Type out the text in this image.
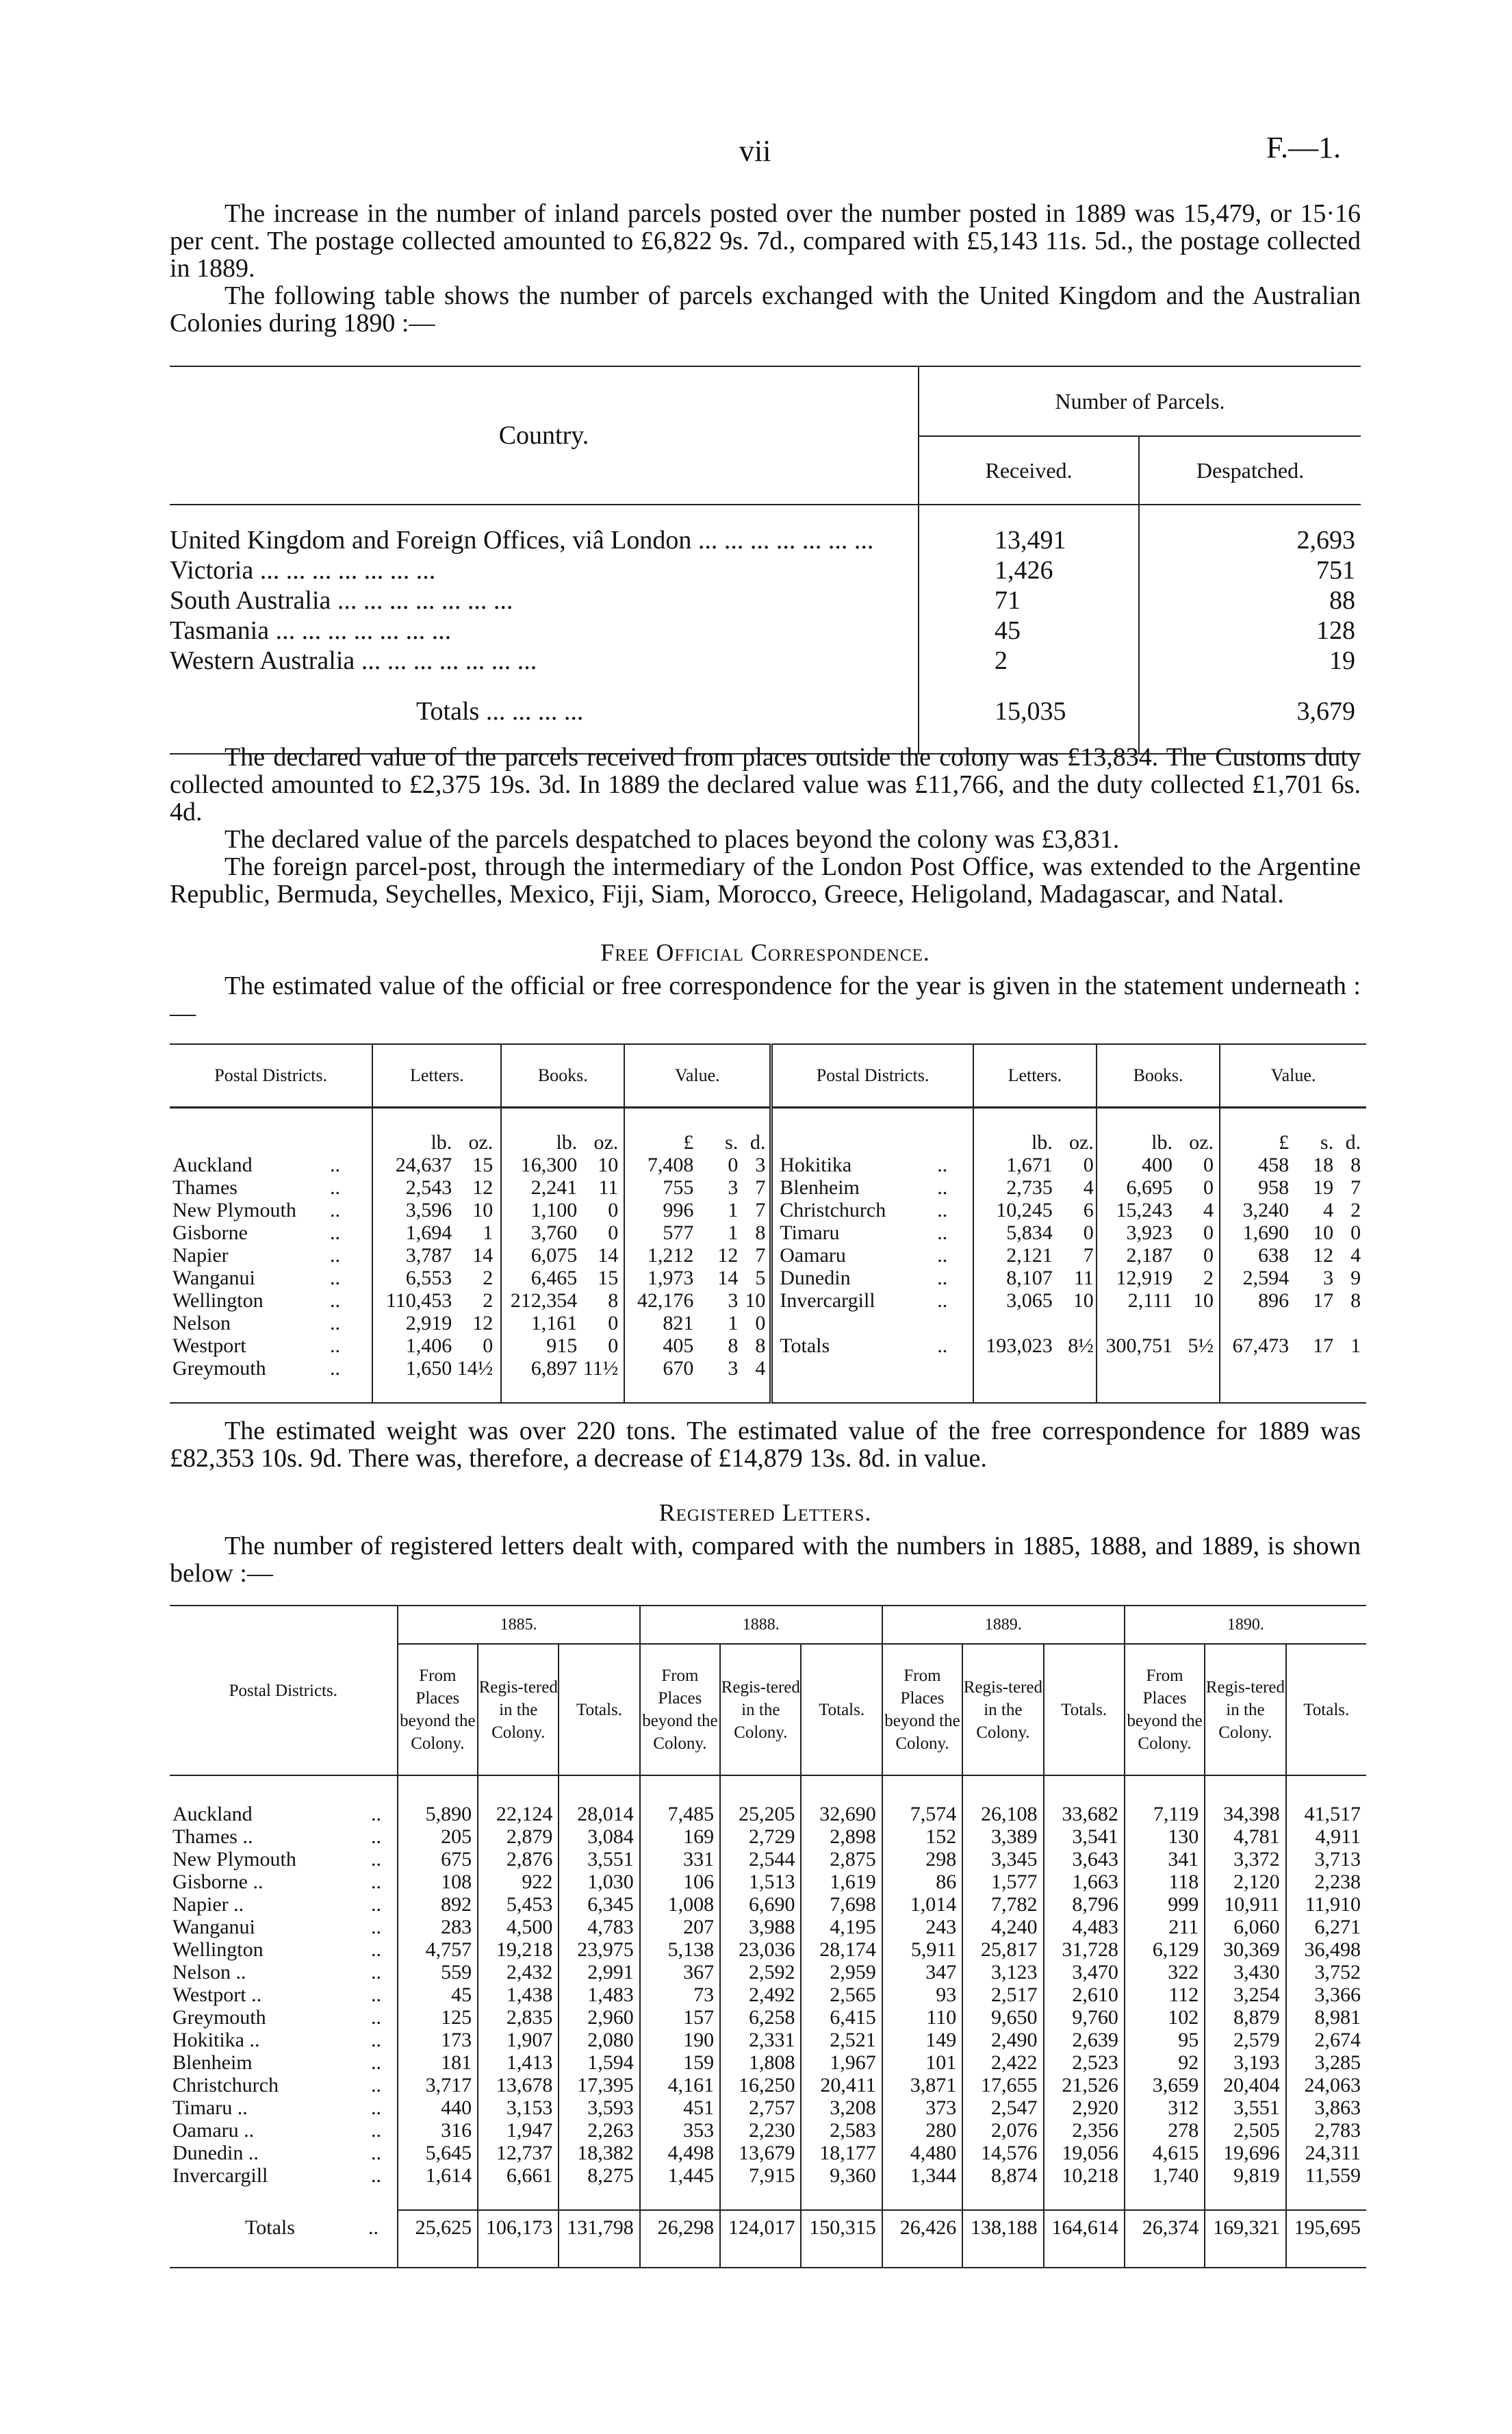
vii	F.—1.
The increase in the number of inland parcels posted over the number posted in 1889 was 15,479, or 15·16 per cent. The postage collected amounted to £6,822 9s. 7d., compared with £5,143 11s. 5d., the postage collected in 1889.
The following table shows the number of parcels exchanged with the United Kingdom and the Australian Colonies during 1890 :—
Country.	Number of Parcels.	
	Received.	Despatched.

United Kingdom and Foreign Offices, viâ London ... ... ... ... ... ... ...	13,491	2,693
Victoria ... ... ... ... ... ... ...	1,426	751
South Australia ... ... ... ... ... ... ...	71	88
Tasmania ... ... ... ... ... ... ...	45	128
Western Australia ... ... ... ... ... ... ...	2	19

Totals ... ... ... ...	15,035	3,679

The declared value of the parcels received from places outside the colony was £13,834. The Customs duty collected amounted to £2,375 19s. 3d. In 1889 the declared value was £11,766, and the duty collected £1,701 6s. 4d.
The declared value of the parcels despatched to places beyond the colony was £3,831.
The foreign parcel-post, through the intermediary of the London Post Office, was extended to the Argentine Republic, Bermuda, Seychelles, Mexico, Fiji, Siam, Morocco, Greece, Heligoland, Madagascar, and Natal.
Free Official Correspondence.
The estimated value of the official or free correspondence for the year is given in the statement underneath :—
Postal Districts.	Letters.	Books.	Value.	Postal Districts.	Letters.	Books.	Value.

	lb. oz.	lb. oz.	£ s. d.		lb. oz.	lb. oz.	£ s. d.
Auckland ..	24,637 15	16,300 10	7,408 0 3	Hokitika ..	1,671 0	400 0	458 18 8
Thames ..	2,543 12	2,241 11	755 3 7	Blenheim ..	2,735 4	6,695 0	958 19 7
New Plymouth ..	3,596 10	1,100 0	996 1 7	Christchurch ..	10,245 6	15,243 4	3,240 4 2
Gisborne ..	1,694 1	3,760 0	577 1 8	Timaru ..	5,834 0	3,923 0	1,690 10 0
Napier ..	3,787 14	6,075 14	1,212 12 7	Oamaru ..	2,121 7	2,187 0	638 12 4
Wanganui ..	6,553 2	6,465 15	1,973 14 5	Dunedin ..	8,107 11	12,919 2	2,594 3 9
Wellington ..	110,453 2	212,354 8	42,176 3 10	Invercargill ..	3,065 10	2,111 10	896 17 8
Nelson ..	2,919 12	1,161 0	821 1 0				
Westport ..	1,406 0	915 0	405 8 8	Totals ..	193,023 8½	300,751 5½	67,473 17 1
Greymouth ..	1,650 14½	6,897 11½	670 3 4				

The estimated weight was over 220 tons. The estimated value of the free correspondence for 1889 was £82,353 10s. 9d. There was, therefore, a decrease of £14,879 13s. 8d. in value.
Registered Letters.
The number of registered letters dealt with, compared with the numbers in 1885, 1888, and 1889, is shown below :—
Postal Districts.	1885.			1888.			1889.			1890.		
	From Places beyond the Colony.	Regis-tered in the Colony.	Totals.	From Places beyond the Colony.	Regis-tered in the Colony.	Totals.	From Places beyond the Colony.	Regis-tered in the Colony.	Totals.	From Places beyond the Colony.	Regis-tered in the Colony.	Totals.

Auckland ..	5,890	22,124	28,014	7,485	25,205	32,690	7,574	26,108	33,682	7,119	34,398	41,517
Thames .. ..	205	2,879	3,084	169	2,729	2,898	152	3,389	3,541	130	4,781	4,911
New Plymouth ..	675	2,876	3,551	331	2,544	2,875	298	3,345	3,643	341	3,372	3,713
Gisborne .. ..	108	922	1,030	106	1,513	1,619	86	1,577	1,663	118	2,120	2,238
Napier .. ..	892	5,453	6,345	1,008	6,690	7,698	1,014	7,782	8,796	999	10,911	11,910
Wanganui ..	283	4,500	4,783	207	3,988	4,195	243	4,240	4,483	211	6,060	6,271
Wellington ..	4,757	19,218	23,975	5,138	23,036	28,174	5,911	25,817	31,728	6,129	30,369	36,498
Nelson .. ..	559	2,432	2,991	367	2,592	2,959	347	3,123	3,470	322	3,430	3,752
Westport .. ..	45	1,438	1,483	73	2,492	2,565	93	2,517	2,610	112	3,254	3,366
Greymouth ..	125	2,835	2,960	157	6,258	6,415	110	9,650	9,760	102	8,879	8,981
Hokitika .. ..	173	1,907	2,080	190	2,331	2,521	149	2,490	2,639	95	2,579	2,674
Blenheim ..	181	1,413	1,594	159	1,808	1,967	101	2,422	2,523	92	3,193	3,285
Christchurch ..	3,717	13,678	17,395	4,161	16,250	20,411	3,871	17,655	21,526	3,659	20,404	24,063
Timaru .. ..	440	3,153	3,593	451	2,757	3,208	373	2,547	2,920	312	3,551	3,863
Oamaru .. ..	316	1,947	2,263	353	2,230	2,583	280	2,076	2,356	278	2,505	2,783
Dunedin .. ..	5,645	12,737	18,382	4,498	13,679	18,177	4,480	14,576	19,056	4,615	19,696	24,311
Invercargill ..	1,614	6,661	8,275	1,445	7,915	9,360	1,344	8,874	10,218	1,740	9,819	11,559

Totals ..	25,625	106,173	131,798	26,298	124,017	150,315	26,426	138,188	164,614	26,374	169,321	195,695
